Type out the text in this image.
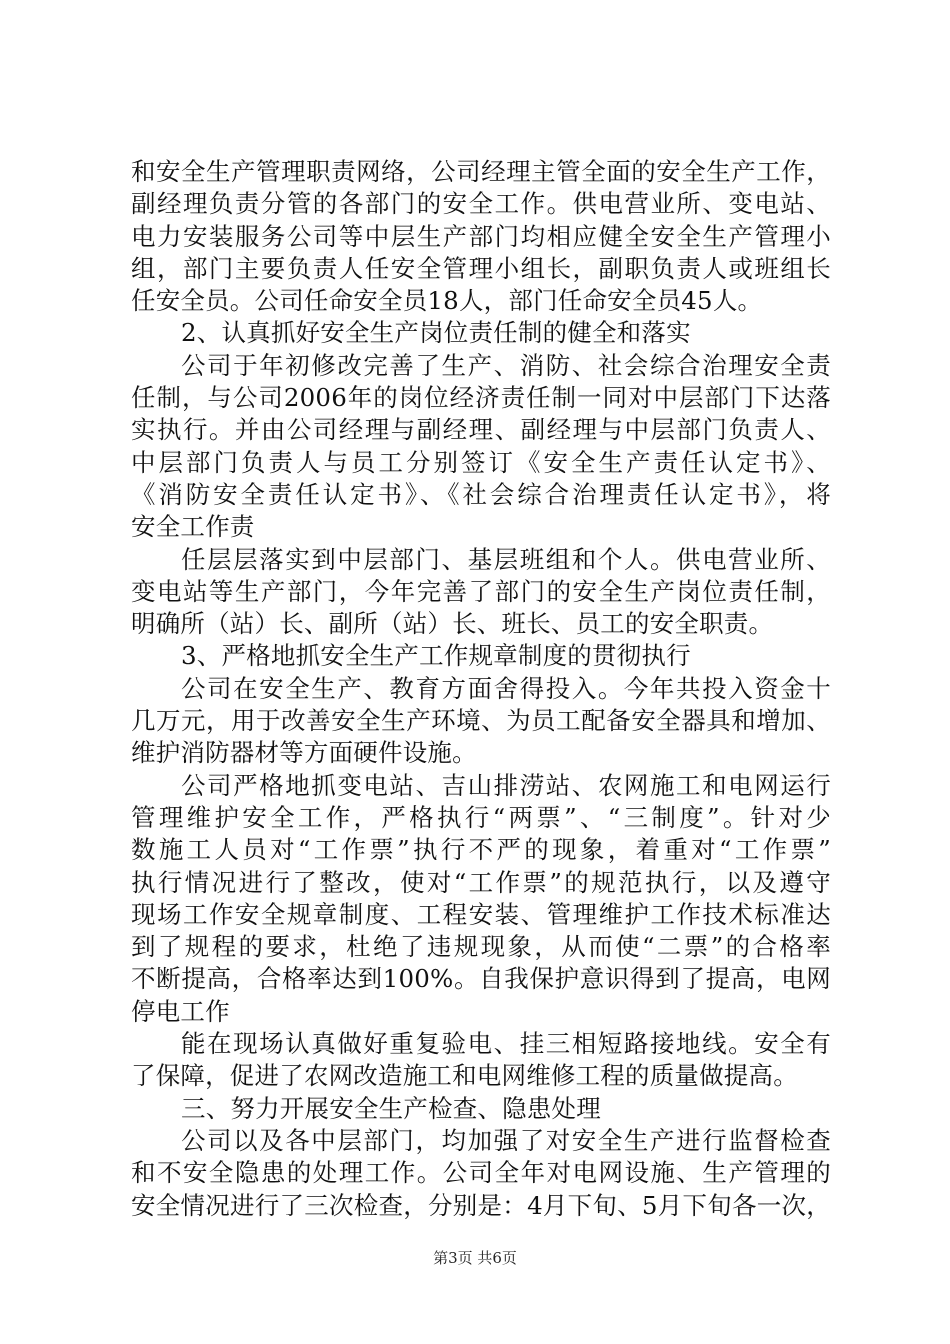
和安全生产管理职责网络，公司经理主管全面的安全生产工作，
副经理负责分管的各部门的安全工作。供电营业所、变电站、
电力安装服务公司等中层生产部门均相应健全安全生产管理小
组，部门主要负责人任安全管理小组长，副职负责人或班组长
任安全员。公司任命安全员18人，部门任命安全员45人。
2、认真抓好安全生产岗位责任制的健全和落实
公司于年初修改完善了生产、消防、社会综合治理安全责
任制，与公司2006年的岗位经济责任制一同对中层部门下达落
实执行。并由公司经理与副经理、副经理与中层部门负责人、
中层部门负责人与员工分别签订《安全生产责任认定书》、
《消防安全责任认定书》、《社会综合治理责任认定书》，将
安全工作责
任层层落实到中层部门、基层班组和个人。供电营业所、
变电站等生产部门，今年完善了部门的安全生产岗位责任制，
明确所（站）长、副所（站）长、班长、员工的安全职责。
3、严格地抓安全生产工作规章制度的贯彻执行
公司在安全生产、教育方面舍得投入。今年共投入资金十
几万元，用于改善安全生产环境、为员工配备安全器具和增加、
维护消防器材等方面硬件设施。
公司严格地抓变电站、吉山排涝站、农网施工和电网运行
管理维护安全工作，严格执行“两票”、“三制度”。针对少
数施工人员对“工作票”执行不严的现象，着重对“工作票”
执行情况进行了整改，使对“工作票”的规范执行，以及遵守
现场工作安全规章制度、工程安装、管理维护工作技术标准达
到了规程的要求，杜绝了违规现象，从而使“二票”的合格率
不断提高，合格率达到100%。自我保护意识得到了提高，电网
停电工作
能在现场认真做好重复验电、挂三相短路接地线。安全有
了保障，促进了农网改造施工和电网维修工程的质量做提高。
三、努力开展安全生产检查、隐患处理
公司以及各中层部门，均加强了对安全生产进行监督检查
和不安全隐患的处理工作。公司全年对电网设施、生产管理的
安全情况进行了三次检查，分别是：4月下旬、5月下旬各一次，
第3页 共6页
